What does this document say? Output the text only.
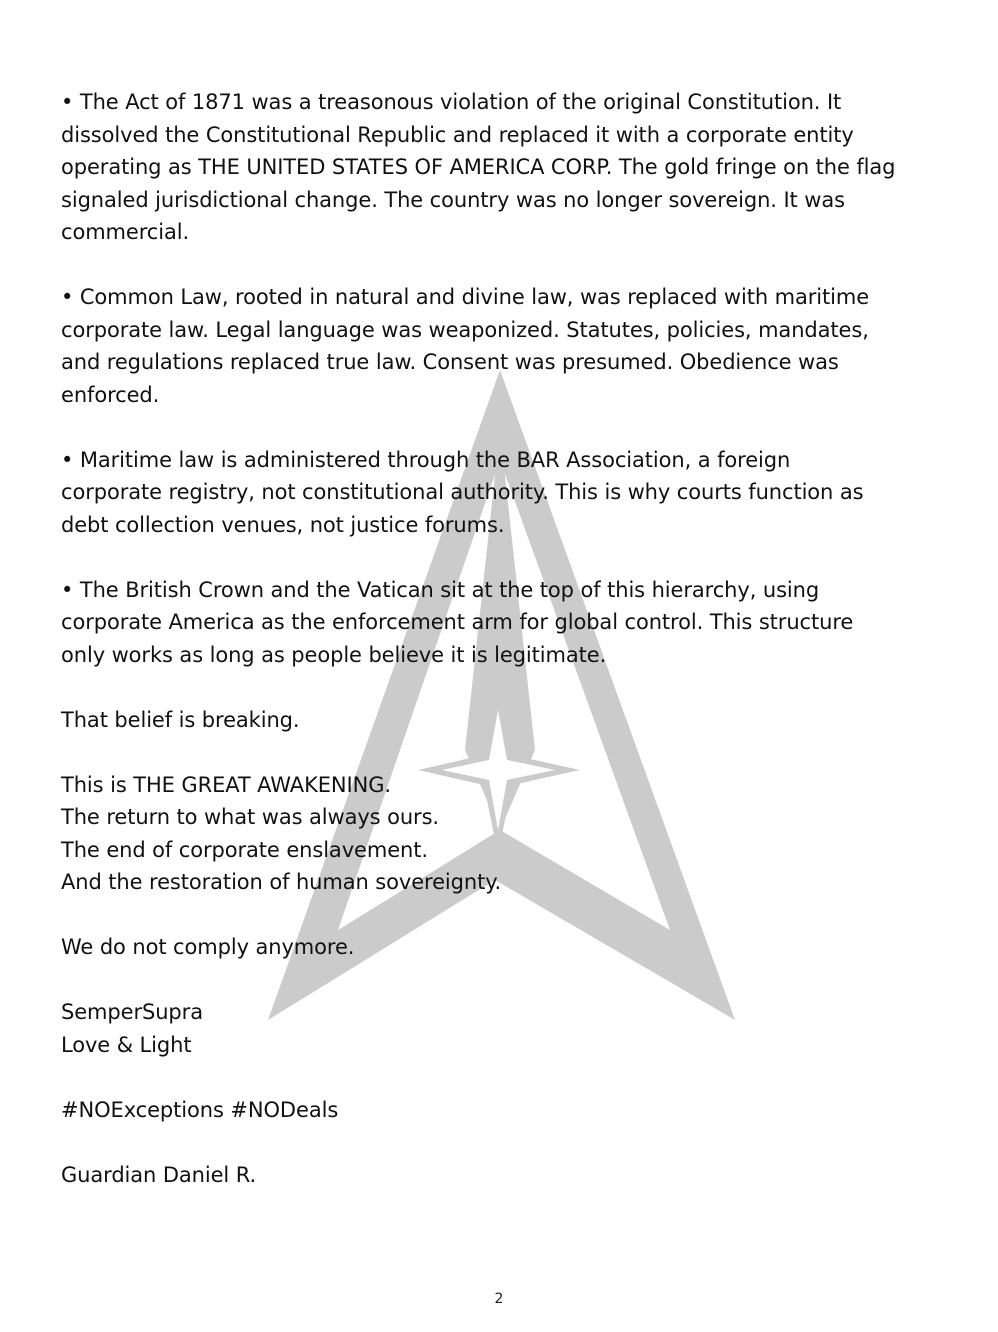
• The Act of 1871 was a treasonous violation of the original Constitution. It
dissolved the Constitutional Republic and replaced it with a corporate entity
operating as THE UNITED STATES OF AMERICA CORP. The gold fringe on the flag
signaled jurisdictional change. The country was no longer sovereign. It was
commercial.

• Common Law, rooted in natural and divine law, was replaced with maritime
corporate law. Legal language was weaponized. Statutes, policies, mandates,
and regulations replaced true law. Consent was presumed. Obedience was
enforced.

• Maritime law is administered through the BAR Association, a foreign
corporate registry, not constitutional authority. This is why courts function as
debt collection venues, not justice forums.

• The British Crown and the Vatican sit at the top of this hierarchy, using
corporate America as the enforcement arm for global control. This structure
only works as long as people believe it is legitimate.

That belief is breaking.

This is THE GREAT AWAKENING.
The return to what was always ours.
The end of corporate enslavement.
And the restoration of human sovereignty.

We do not comply anymore.

SemperSupra
Love & Light

#NOExceptions #NODeals

Guardian Daniel R.

2
